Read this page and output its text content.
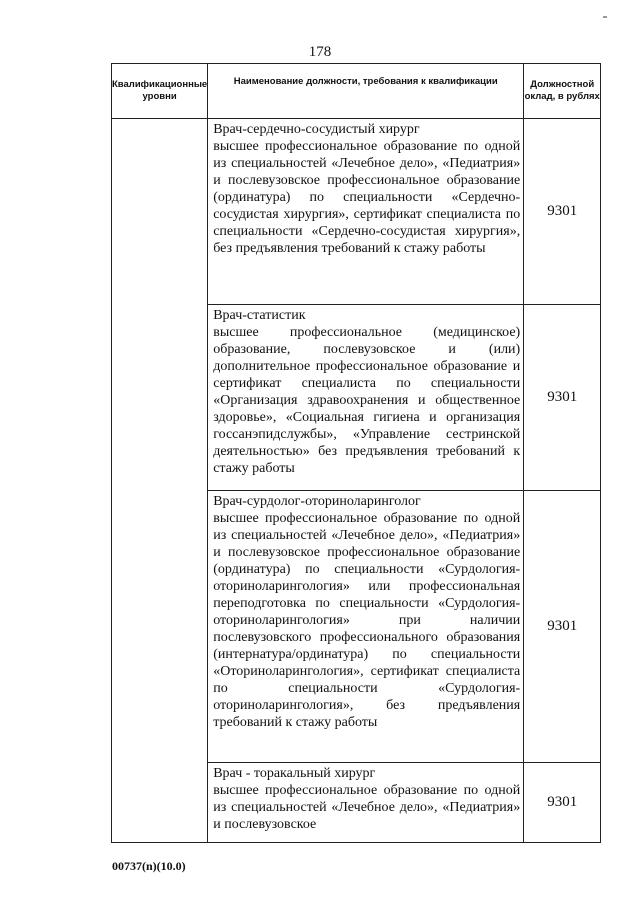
178
Квалификационные уровни	Наименование должности, требования к квалификации	Должностной оклад, в рублях

	Врач-сердечно-сосудистый хирург
высшее профессиональное образование по одной из специальностей «Лечебное дело», «Педиатрия» и послевузовское профессиональное образование (ординатура) по специальности «Сердечно-сосудистая хирургия», сертификат специалиста по специальности «Сердечно-сосудистая хирургия», без предъявления требований к стажу работы	9301

	Врач-статистик
высшее профессиональное (медицинское) образование, послевузовское и (или) дополнительное профессиональное образование и сертификат специалиста по специальности «Организация здравоохранения и общественное здоровье», «Социальная гигиена и организация госсанэпидслужбы», «Управление сестринской деятельностью» без предъявления требований к стажу работы	9301

	Врач-сурдолог-оториноларинголог
высшее профессиональное образование по одной из специальностей «Лечебное дело», «Педиатрия» и послевузовское профессиональное образование (ординатура) по специальности «Сурдология-оториноларингология» или профессиональная переподготовка по специальности «Сурдология-оториноларингология» при наличии послевузовского профессионального образования (интернатура/ординатура) по специальности «Оториноларингология», сертификат специалиста по специальности «Сурдология-оториноларингология», без предъявления требований к стажу работы	9301

	Врач - торакальный хирург
высшее профессиональное образование по одной из специальностей «Лечебное дело», «Педиатрия» и послевузовское	9301
00737(n)(10.0)
